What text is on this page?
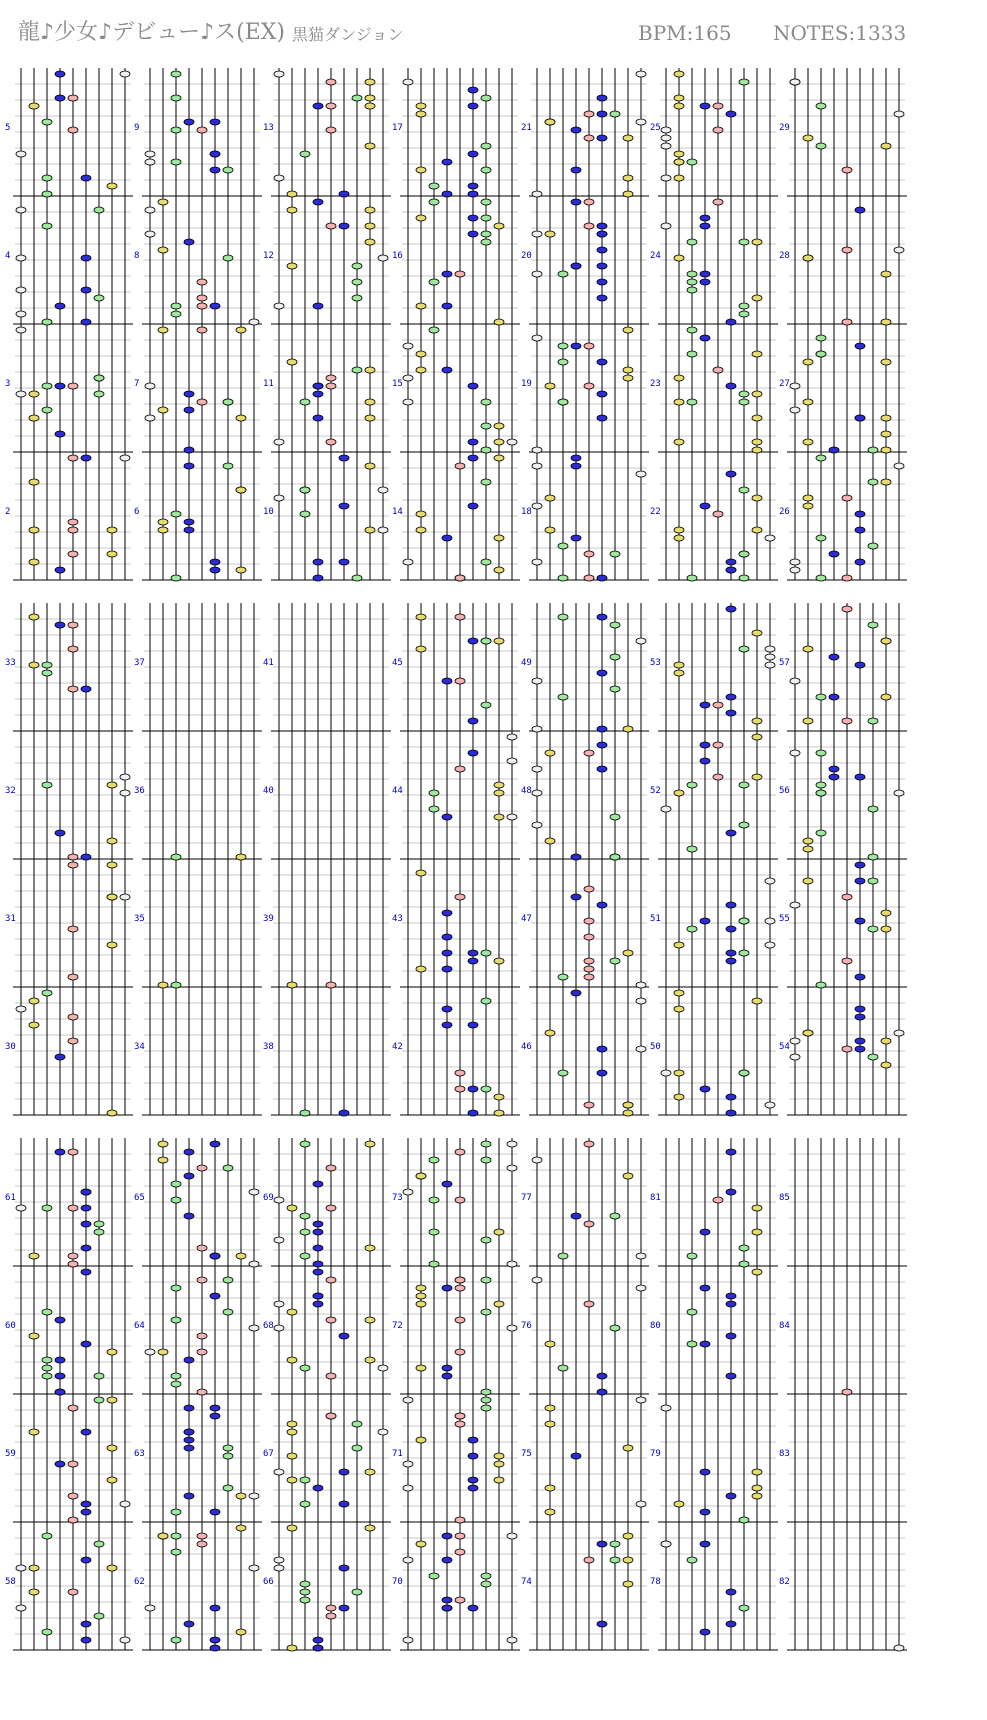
龍♪少女♪デビュー♪ス(EX) 黒猫ダンジョン	BPM:165 NOTES:1333
5
4
3
2
9
8
7
6
13
12
11
10
17
16
15
14
21
20
19
18
25
24
23
22
29
28
27
26
33
32
31
30
37
36
35
34
41
40
39
38
45
44
43
42
49
48
47
46
53
52
51
50
57
56
55
54
61
60
59
58
65
64
63
62
69
68
67
66
73
72
71
70
77
76
75
74
81
80
79
78
85
84
83
82
